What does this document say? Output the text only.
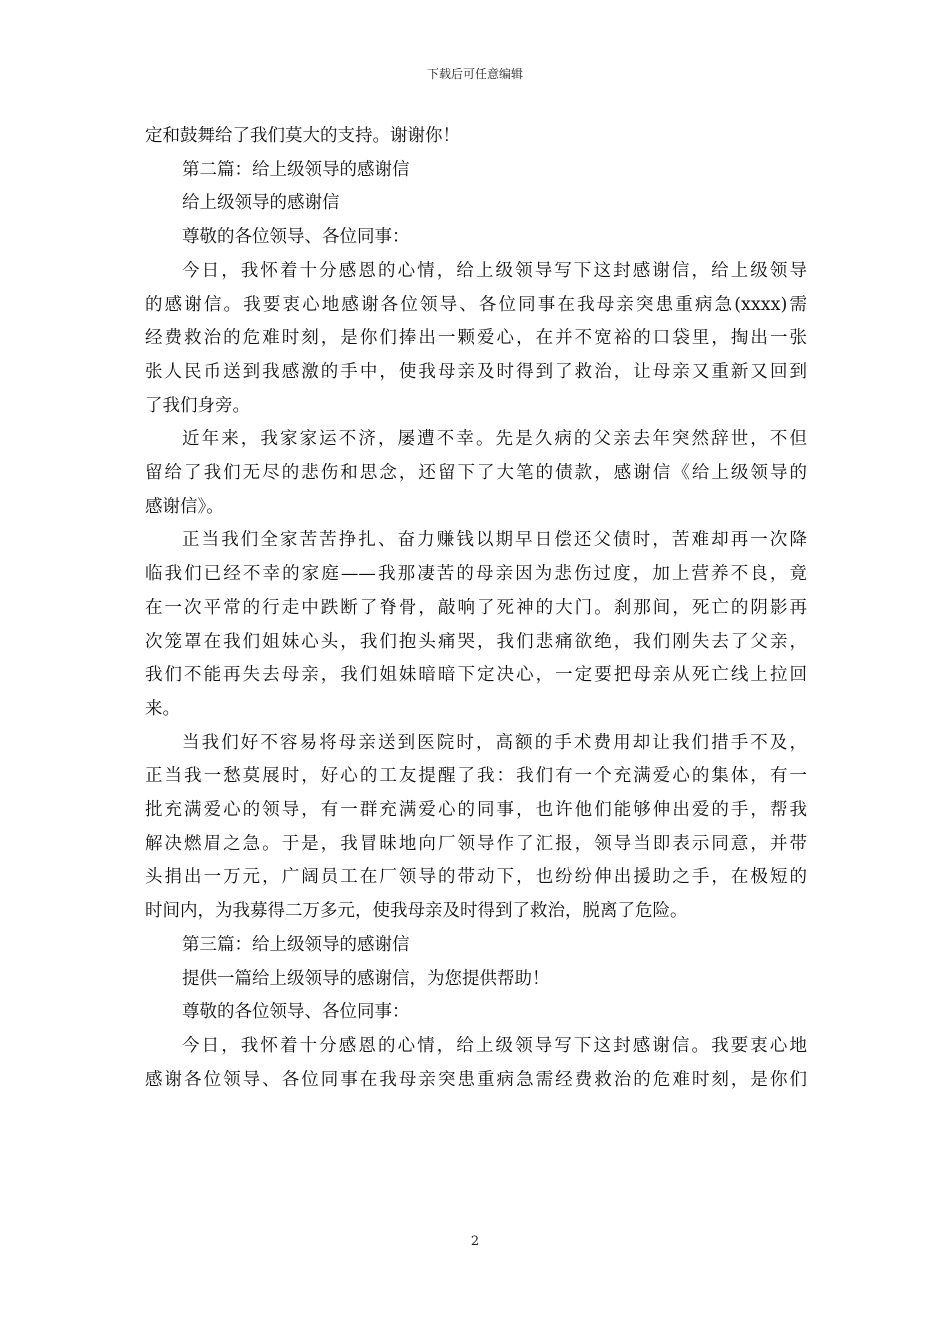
下载后可任意编辑
定和鼓舞给了我们莫大的支持。谢谢你！
第二篇：给上级领导的感谢信
给上级领导的感谢信
尊敬的各位领导、各位同事：
今日，我怀着十分感恩的心情，给上级领导写下这封感谢信，给上级领导
的感谢信。我要衷心地感谢各位领导、各位同事在我母亲突患重病急(xxxx)需
经费救治的危难时刻，是你们捧出一颗爱心，在并不宽裕的口袋里，掏出一张
张人民币送到我感激的手中，使我母亲及时得到了救治，让母亲又重新又回到
了我们身旁。
近年来，我家家运不济，屡遭不幸。先是久病的父亲去年突然辞世，不但
留给了我们无尽的悲伤和思念，还留下了大笔的债款，感谢信《给上级领导的
感谢信》。
正当我们全家苦苦挣扎、奋力赚钱以期早日偿还父债时，苦难却再一次降
临我们已经不幸的家庭——我那凄苦的母亲因为悲伤过度，加上营养不良，竟
在一次平常的行走中跌断了脊骨，敲响了死神的大门。刹那间，死亡的阴影再
次笼罩在我们姐妹心头，我们抱头痛哭，我们悲痛欲绝，我们刚失去了父亲，
我们不能再失去母亲，我们姐妹暗暗下定决心，一定要把母亲从死亡线上拉回
来。
当我们好不容易将母亲送到医院时，高额的手术费用却让我们措手不及，
正当我一愁莫展时，好心的工友提醒了我：我们有一个充满爱心的集体，有一
批充满爱心的领导，有一群充满爱心的同事，也许他们能够伸出爱的手，帮我
解决燃眉之急。于是，我冒昧地向厂领导作了汇报，领导当即表示同意，并带
头捐出一万元，广阔员工在厂领导的带动下，也纷纷伸出援助之手，在极短的
时间内，为我募得二万多元，使我母亲及时得到了救治，脱离了危险。
第三篇：给上级领导的感谢信
提供一篇给上级领导的感谢信，为您提供帮助！
尊敬的各位领导、各位同事：
今日，我怀着十分感恩的心情，给上级领导写下这封感谢信。我要衷心地
感谢各位领导、各位同事在我母亲突患重病急需经费救治的危难时刻，是你们
2
